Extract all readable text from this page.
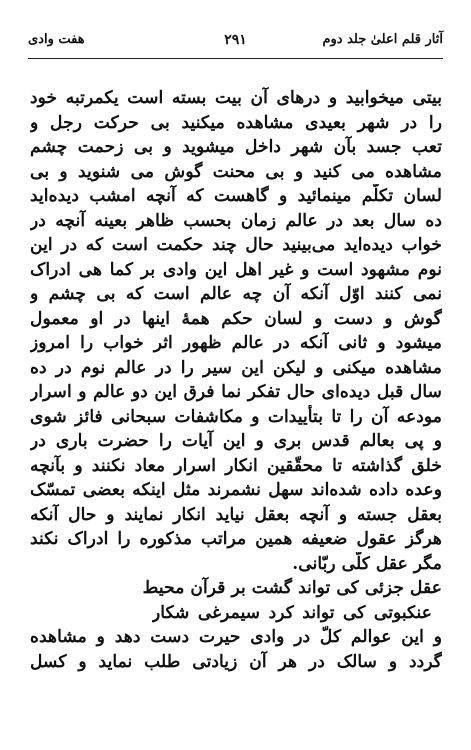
آثار قلم اعلیٰ جلد دوم
۲۹۱
هفت وادی
بیتی میخوابید و درهای آن بیت بسته است یکمرتبه خود
را در شهر بعیدی مشاهده میکنید بی حرکت رجل و
تعب جسد بآن شهر داخل میشوید و بی زحمت چشم
مشاهده می کنید و بی محنت گوش می شنوید و بی
لسان تکلّم مینمائید و گاهست که آنچه امشب دیده‌اید
ده سال بعد در عالم زمان بحسب ظاهر بعینه آنچه در
خواب دیده‌اید می‌بینید حال چند حکمت است که در این
نوم مشهود است و غیر اهل این وادی بر کما هی ادراک
نمی کنند اوّل آنکه آن چه عالم است که بی چشم و
گوش و دست و لسان حکم همهٔ اینها در او معمول
میشود و ثانی آنکه در عالم ظهور اثر خواب را امروز
مشاهده میکنی و لیکن این سیر را در عالم نوم در ده
سال قبل دیده‌ای حال تفکر نما فرق این دو عالم و اسرار
مودعه آن را تا بتأییدات و مکاشفات سبحانی فائز شوی
و پی بعالم قدس بری و این آیات را حضرت باری در
خلق گذاشته تا محقّقین انکار اسرار معاد نکنند و بآنچه
وعده داده شده‌اند سهل نشمرند مثل اینکه بعضی تمسّک
بعقل جسته و آنچه بعقل نیاید انکار نمایند و حال آنکه
هرگز عقول ضعیفه همین مراتب مذکوره را ادراک نکند
مگر عقل کلّی ربّانی.
عقل جزئی کی تواند گشت بر قرآن محیط
عنکبوتی کی تواند کرد سیمرغی شکار
و این عوالم کلّ در وادی حیرت دست دهد و مشاهده
گردد و سالک در هر آن زیادتی طلب نماید و کسل
